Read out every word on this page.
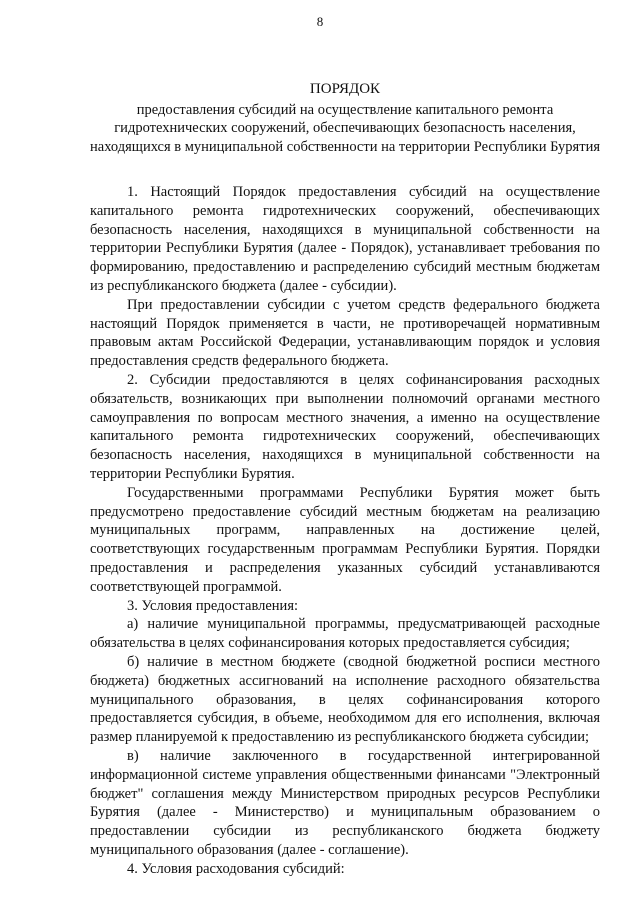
8
ПОРЯДОК
предоставления субсидий на осуществление капитального ремонта гидротехнических сооружений, обеспечивающих безопасность населения, находящихся в муниципальной собственности на территории Республики Бурятия

1. Настоящий Порядок предоставления субсидий на осуществление капитального ремонта гидротехнических сооружений, обеспечивающих безопасность населения, находящихся в муниципальной собственности на территории Республики Бурятия (далее - Порядок), устанавливает требования по формированию, предоставлению и распределению субсидий местным бюджетам из республиканского бюджета (далее - субсидии).

При предоставлении субсидии с учетом средств федерального бюджета настоящий Порядок применяется в части, не противоречащей нормативным правовым актам Российской Федерации, устанавливающим порядок и условия предоставления средств федерального бюджета.

2. Субсидии предоставляются в целях софинансирования расходных обязательств, возникающих при выполнении полномочий органами местного самоуправления по вопросам местного значения, а именно на осуществление капитального ремонта гидротехнических сооружений, обеспечивающих безопасность населения, находящихся в муниципальной собственности на территории Республики Бурятия.

Государственными программами Республики Бурятия может быть предусмотрено предоставление субсидий местным бюджетам на реализацию муниципальных программ, направленных на достижение целей, соответствующих государственным программам Республики Бурятия. Порядки предоставления и распределения указанных субсидий устанавливаются соответствующей программой.

3. Условия предоставления:

а) наличие муниципальной программы, предусматривающей расходные обязательства в целях софинансирования которых предоставляется субсидия;

б) наличие в местном бюджете (сводной бюджетной росписи местного бюджета) бюджетных ассигнований на исполнение расходного обязательства муниципального образования, в целях софинансирования которого предоставляется субсидия, в объеме, необходимом для его исполнения, включая размер планируемой к предоставлению из республиканского бюджета субсидии;

в) наличие заключенного в государственной интегрированной информационной системе управления общественными финансами "Электронный бюджет" соглашения между Министерством природных ресурсов Республики Бурятия (далее - Министерство) и муниципальным образованием о предоставлении субсидии из республиканского бюджета бюджету муниципального образования (далее - соглашение).

4. Условия расходования субсидий:
